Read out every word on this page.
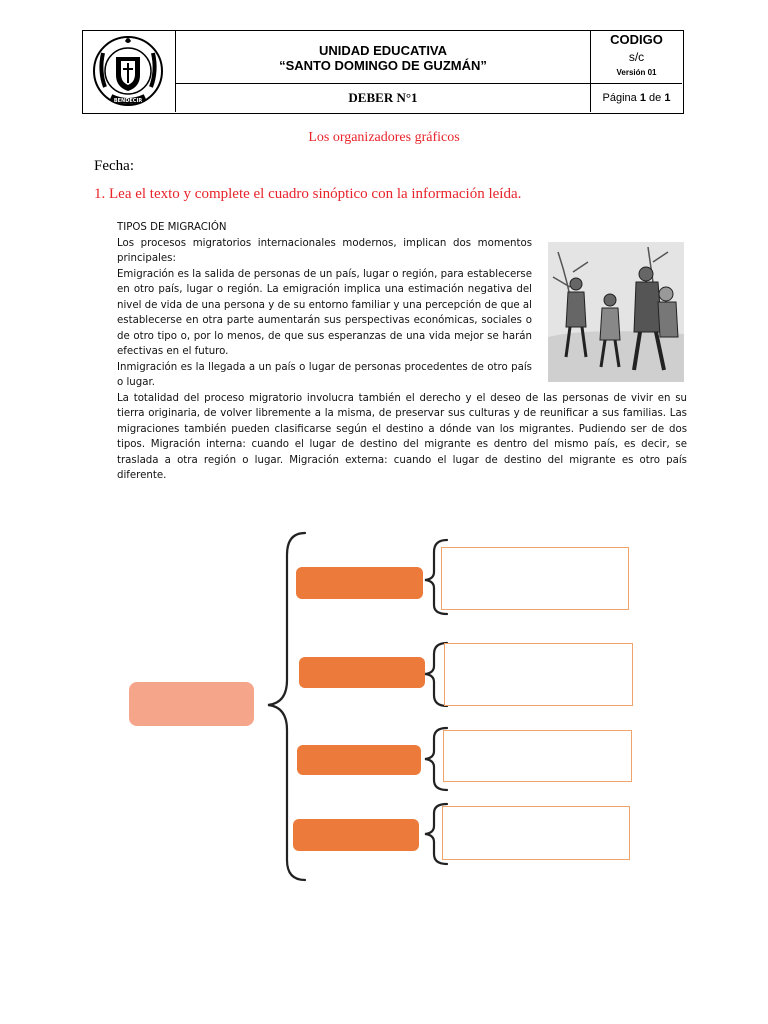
BENDECIR
UNIDAD EDUCATIVA
“SANTO DOMINGO DE GUZMÁN”
DEBER N°1
CODIGO
s/c
Versión 01
Página 1 de 1
Los organizadores gráficos
Fecha:
1. Lea el texto y complete el cuadro sinóptico con la información leída.

TIPOS DE MIGRACIÓN

Los procesos migratorios internacionales modernos, implican dos momentos principales:

Emigración es la salida de personas de un país, lugar o región, para establecerse en otro país, lugar o región. La emigración implica una estimación negativa del nivel de vida de una persona y de su entorno familiar y una percepción de que al establecerse en otra parte aumentarán sus perspectivas económicas, sociales o de otro tipo o, por lo menos, de que sus esperanzas de una vida mejor se harán efectivas en el futuro.

Inmigración es la llegada a un país o lugar de personas procedentes de otro país o lugar.

La totalidad del proceso migratorio involucra también el derecho y el deseo de las personas de vivir en su tierra originaria, de volver libremente a la misma, de preservar sus culturas y de reunificar a sus familias. Las migraciones también pueden clasificarse según el destino a dónde van los migrantes. Pudiendo ser de dos tipos. Migración interna: cuando el lugar de destino del migrante es dentro del mismo país, es decir, se traslada a otra región o lugar. Migración externa: cuando el lugar de destino del migrante es otro país diferente.
